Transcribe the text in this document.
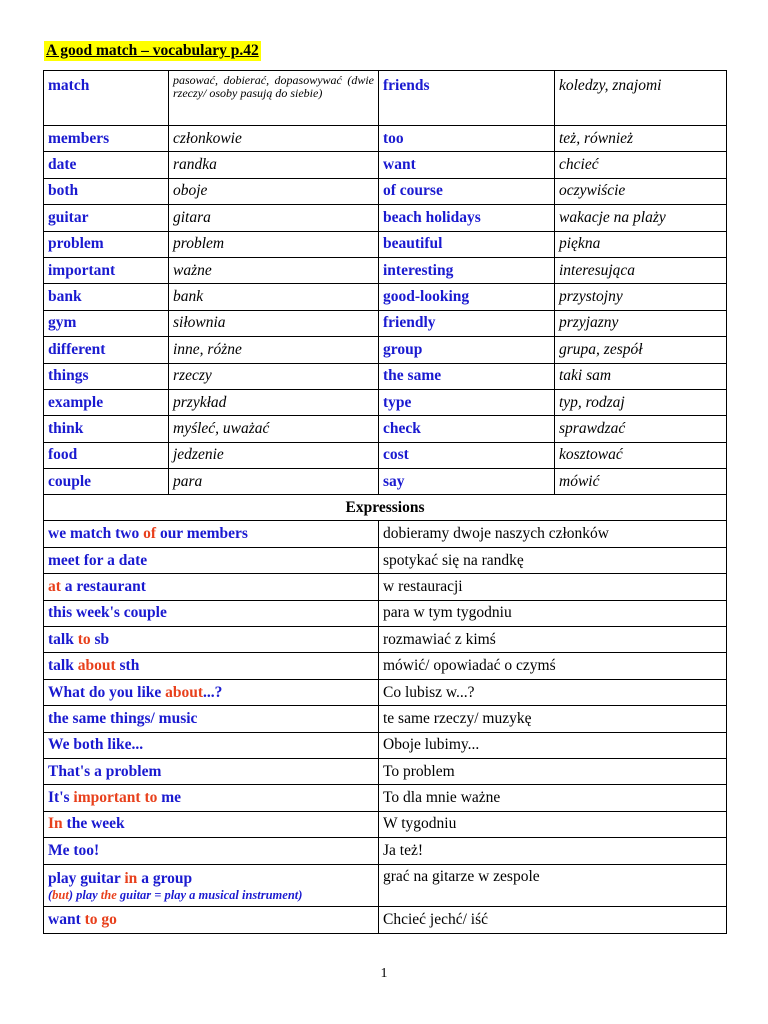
A good match – vocabulary p.42
match	pasować, dobierać, dopasowywać (dwie rzeczy/ osoby pasują do siebie)	friends	koledzy, znajomi
members	członkowie	too	też, również
date	randka	want	chcieć
both	oboje	of course	oczywiście
guitar	gitara	beach holidays	wakacje na plaży
problem	problem	beautiful	piękna
important	ważne	interesting	interesująca
bank	bank	good-looking	przystojny
gym	siłownia	friendly	przyjazny
different	inne, różne	group	grupa, zespół
things	rzeczy	the same	taki sam
example	przykład	type	typ, rodzaj
think	myśleć, uważać	check	sprawdzać
food	jedzenie	cost	kosztować
couple	para	say	mówić
Expressions			
we match two of our members		dobieramy dwoje naszych członków	
meet for a date		spotykać się na randkę	
at a restaurant		w restauracji	
this week's couple		para w tym tygodniu	
talk to sb		rozmawiać z kimś	
talk about sth		mówić/ opowiadać o czymś	
What do you like about...?		Co lubisz w...?	
the same things/ music		te same rzeczy/ muzykę	
We both like...		Oboje lubimy...	
That's a problem		To problem	
It's important to me		To dla mnie ważne	
In the week		W tygodniu	
Me too!		Ja też!	

play guitar in a group
(but) play the guitar = play a musical instrument)		grać na gitarze w zespole	
want to go		Chcieć jechć/ iść	
1
